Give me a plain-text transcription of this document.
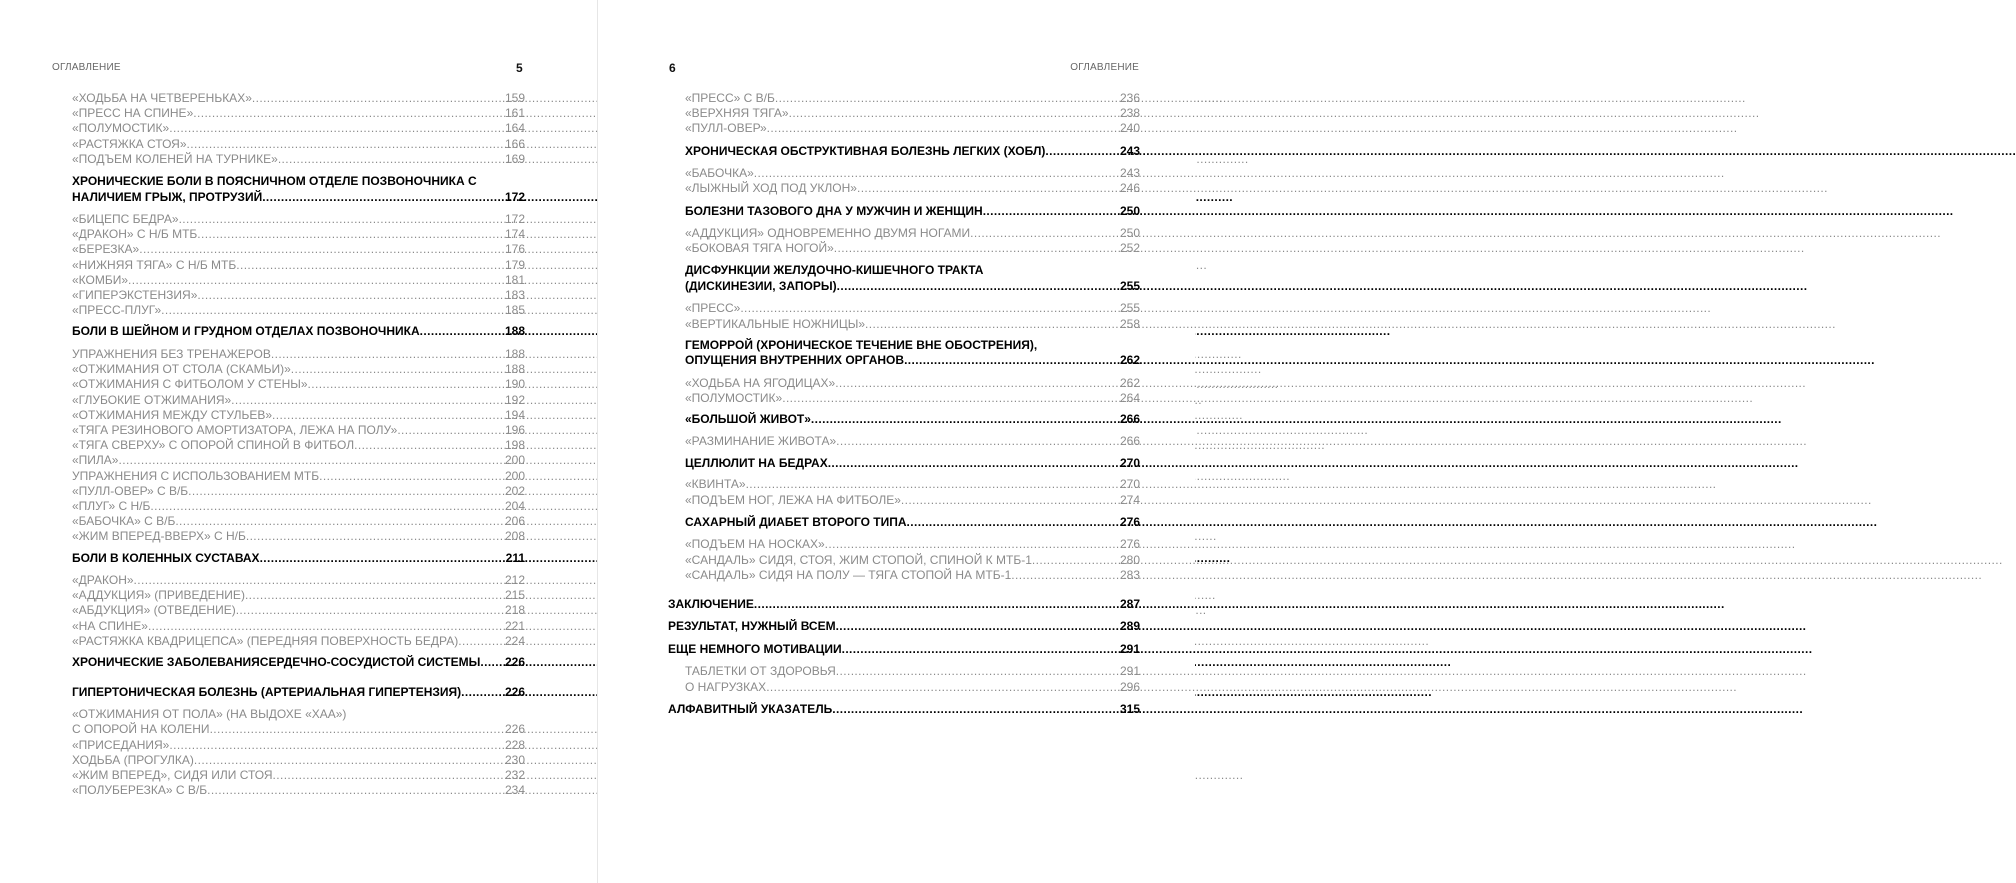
ОГЛАВЛЕНИЕ	5
«ХОДЬБА НА ЧЕТВЕРЕНЬКАХ» .....	159
«ПРЕСС НА СПИНЕ» .....	161
«ПОЛУМОСТИК» .....	164
«РАСТЯЖКА СТОЯ» .....	166
«ПОДЪЕМ КОЛЕНЕЙ НА ТУРНИКЕ» .....	169
ХРОНИЧЕСКИЕ БОЛИ В ПОЯСНИЧНОМ ОТДЕЛЕ ПОЗВОНОЧНИКА С
НАЛИЧИЕМ ГРЫЖ, ПРОТРУЗИЙ .....	172
«БИЦЕПС БЕДРА» .....	172
«ДРАКОН» С Н/Б МТБ .....	174
«БЕРЕЗКА» .....	176
«НИЖНЯЯ ТЯГА» С Н/Б МТБ .....	179
«КОМБИ» .....	181
«ГИПЕРЭКСТЕНЗИЯ» .....	183
«ПРЕСС-ПЛУГ» .....	185
БОЛИ В ШЕЙНОМ И ГРУДНОМ ОТДЕЛАХ ПОЗВОНОЧНИКА .....	188
УПРАЖНЕНИЯ БЕЗ ТРЕНАЖЕРОВ .....	188
«ОТЖИМАНИЯ ОТ СТОЛА (СКАМЬИ)» .....	188
«ОТЖИМАНИЯ С ФИТБОЛОМ У СТЕНЫ» .....	190
«ГЛУБОКИЕ ОТЖИМАНИЯ» .....	192
«ОТЖИМАНИЯ МЕЖДУ СТУЛЬЕВ» .....	194
«ТЯГА РЕЗИНОВОГО АМОРТИЗАТОРА, ЛЕЖА НА ПОЛУ» .....	196
«ТЯГА СВЕРХУ» С ОПОРОЙ СПИНОЙ В ФИТБОЛ .....	198
«ПИЛА» .....	200
УПРАЖНЕНИЯ С ИСПОЛЬЗОВАНИЕМ МТБ .....	200
«ПУЛЛ-ОВЕР» С В/Б .....	202
«ПЛУГ» С Н/Б .....	204
«БАБОЧКА» С В/Б .....	206
«ЖИМ ВПЕРЕД-ВВЕРХ» С Н/Б .....	208
БОЛИ В КОЛЕННЫХ СУСТАВАХ .....	211
«ДРАКОН» .....	212
«АДДУКЦИЯ» (ПРИВЕДЕНИЕ) .....	215
«АБДУКЦИЯ» (ОТВЕДЕНИЕ) .....	218
«НА СПИНЕ» .....	221
«РАСТЯЖКА КВАДРИЦЕПСА» (ПЕРЕДНЯЯ ПОВЕРХНОСТЬ БЕДРА) .....	224
ХРОНИЧЕСКИЕ ЗАБОЛЕВАНИЯСЕРДЕЧНО-СОСУДИСТОЙ СИСТЕМЫ ..... 226
ГИПЕРТОНИЧЕСКАЯ БОЛЕЗНЬ (АРТЕРИАЛЬНАЯ ГИПЕРТЕНЗИЯ) .....	226
«ОТЖИМАНИЯ ОТ ПОЛА» (НА ВЫДОХЕ «ХАА»)
С ОПОРОЙ НА КОЛЕНИ .....	226
«ПРИСЕДАНИЯ» .....	228
ХОДЬБА (ПРОГУЛКА) .....	230
«ЖИМ ВПЕРЕД», СИДЯ ИЛИ СТОЯ .....	232
«ПОЛУБЕРЕЗКА» С В/Б .....	234
6	ОГЛАВЛЕНИЕ
«ПРЕСС» С В/Б .....	236
«ВЕРХНЯЯ ТЯГА» .....	238
«ПУЛЛ-ОВЕР» .....	240
ХРОНИЧЕСКАЯ ОБСТРУКТИВНАЯ БОЛЕЗНЬ ЛЕГКИХ (ХОБЛ) .....	243
«БАБОЧКА» .....	243
«ЛЫЖНЫЙ ХОД ПОД УКЛОН» .....	246
БОЛЕЗНИ ТАЗОВОГО ДНА У МУЖЧИН И ЖЕНЩИН .....	250
«АДДУКЦИЯ» ОДНОВРЕМЕННО ДВУМЯ НОГАМИ .....	250
«БОКОВАЯ ТЯГА НОГОЙ» .....	252
ДИСФУНКЦИИ ЖЕЛУДОЧНО-КИШЕЧНОГО ТРАКТА
(ДИСКИНЕЗИИ, ЗАПОРЫ) .....	255
«ПРЕСС» .....	255
«ВЕРТИКАЛЬНЫЕ НОЖНИЦЫ» .....	258
ГЕМОРРОЙ (ХРОНИЧЕСКОЕ ТЕЧЕНИЕ ВНЕ ОБОСТРЕНИЯ),
ОПУЩЕНИЯ ВНУТРЕННИХ ОРГАНОВ .....	262
«ХОДЬБА НА ЯГОДИЦАХ» .....	262
«ПОЛУМОСТИК» .....	264
«БОЛЬШОЙ ЖИВОТ» .....	266
«РАЗМИНАНИЕ ЖИВОТА» .....	266
ЦЕЛЛЮЛИТ НА БЕДРАХ .....	270
«КВИНТА» .....	270
«ПОДЪЕМ НОГ, ЛЕЖА НА ФИТБОЛЕ» .....	274
САХАРНЫЙ ДИАБЕТ ВТОРОГО ТИПА .....	276
«ПОДЪЕМ НА НОСКАХ» .....	276
«САНДАЛЬ» СИДЯ, СТОЯ, ЖИМ СТОПОЙ, СПИНОЙ К МТБ-1 .....	280
«САНДАЛЬ» СИДЯ НА ПОЛУ — ТЯГА СТОПОЙ НА МТБ-1 .....	283
ЗАКЛЮЧЕНИЕ .....	287
РЕЗУЛЬТАТ, НУЖНЫЙ ВСЕМ .....	289
ЕЩЕ НЕМНОГО МОТИВАЦИИ .....	291
ТАБЛЕТКИ ОТ ЗДОРОВЬЯ .....	291
О НАГРУЗКАХ .....	296
АЛФАВИТНЫЙ УКАЗАТЕЛЬ .....	315
